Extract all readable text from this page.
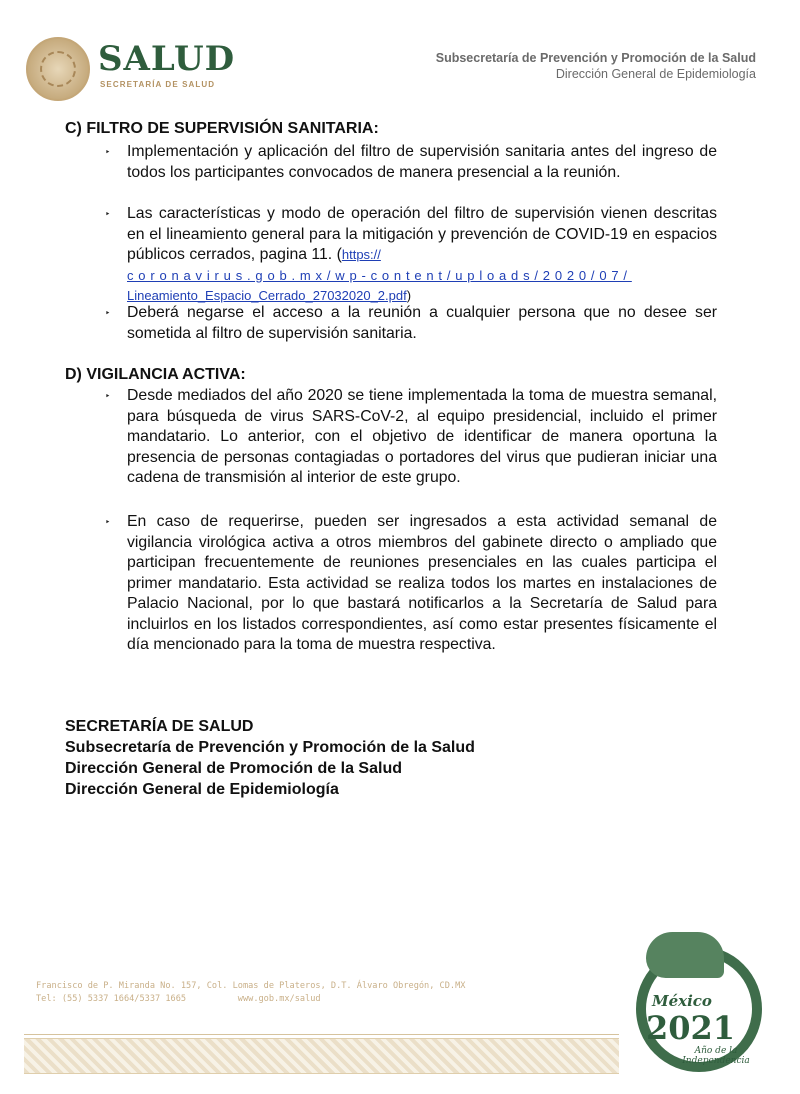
SALUD
SECRETARÍA DE SALUD
Subsecretaría de Prevención y Promoción de la Salud
Dirección General de Epidemiología
C) FILTRO DE SUPERVISIÓN SANITARIA:
‣ Implementación y aplicación del filtro de supervisión sanitaria antes del ingreso de todos los participantes convocados de manera presencial a la reunión.
‣ Las características y modo de operación del filtro de supervisión vienen descritas en el lineamiento general para la mitigación y prevención de COVID-19 en espacios públicos cerrados, pagina 11. (https://
coronavirus.gob.mx/wp-content/uploads/2020/07/
Lineamiento_Espacio_Cerrado_27032020_2.pdf)
‣ Deberá negarse el acceso a la reunión a cualquier persona que no desee ser sometida al filtro de supervisión sanitaria.
D) VIGILANCIA ACTIVA:
‣ Desde mediados del año 2020 se tiene implementada la toma de muestra semanal, para búsqueda de virus SARS-CoV-2, al equipo presidencial, incluido el primer mandatario. Lo anterior, con el objetivo de identificar de manera oportuna la presencia de personas contagiadas o portadores del virus que pudieran iniciar una cadena de transmisión al interior de este grupo.
‣ En caso de requerirse, pueden ser ingresados a esta actividad semanal de vigilancia virológica activa a otros miembros del gabinete directo o ampliado que participan frecuentemente de reuniones presenciales en las cuales participa el primer mandatario. Esta actividad se realiza todos los martes en instalaciones de Palacio Nacional, por lo que bastará notificarlos a la Secretaría de Salud para incluirlos en los listados correspondientes, así como estar presentes físicamente el día mencionado para la toma de muestra respectiva.
SECRETARÍA DE SALUD
Subsecretaría de Prevención y Promoción de la Salud
Dirección General de Promoción de la Salud
Dirección General de Epidemiología
Francisco de P. Miranda No. 157, Col. Lomas de Plateros, D.T. Álvaro Obregón, CD.MX
Tel: (55) 5337 1664/5337 1665	www.gob.mx/salud	México
2021
Año de la Independencia
